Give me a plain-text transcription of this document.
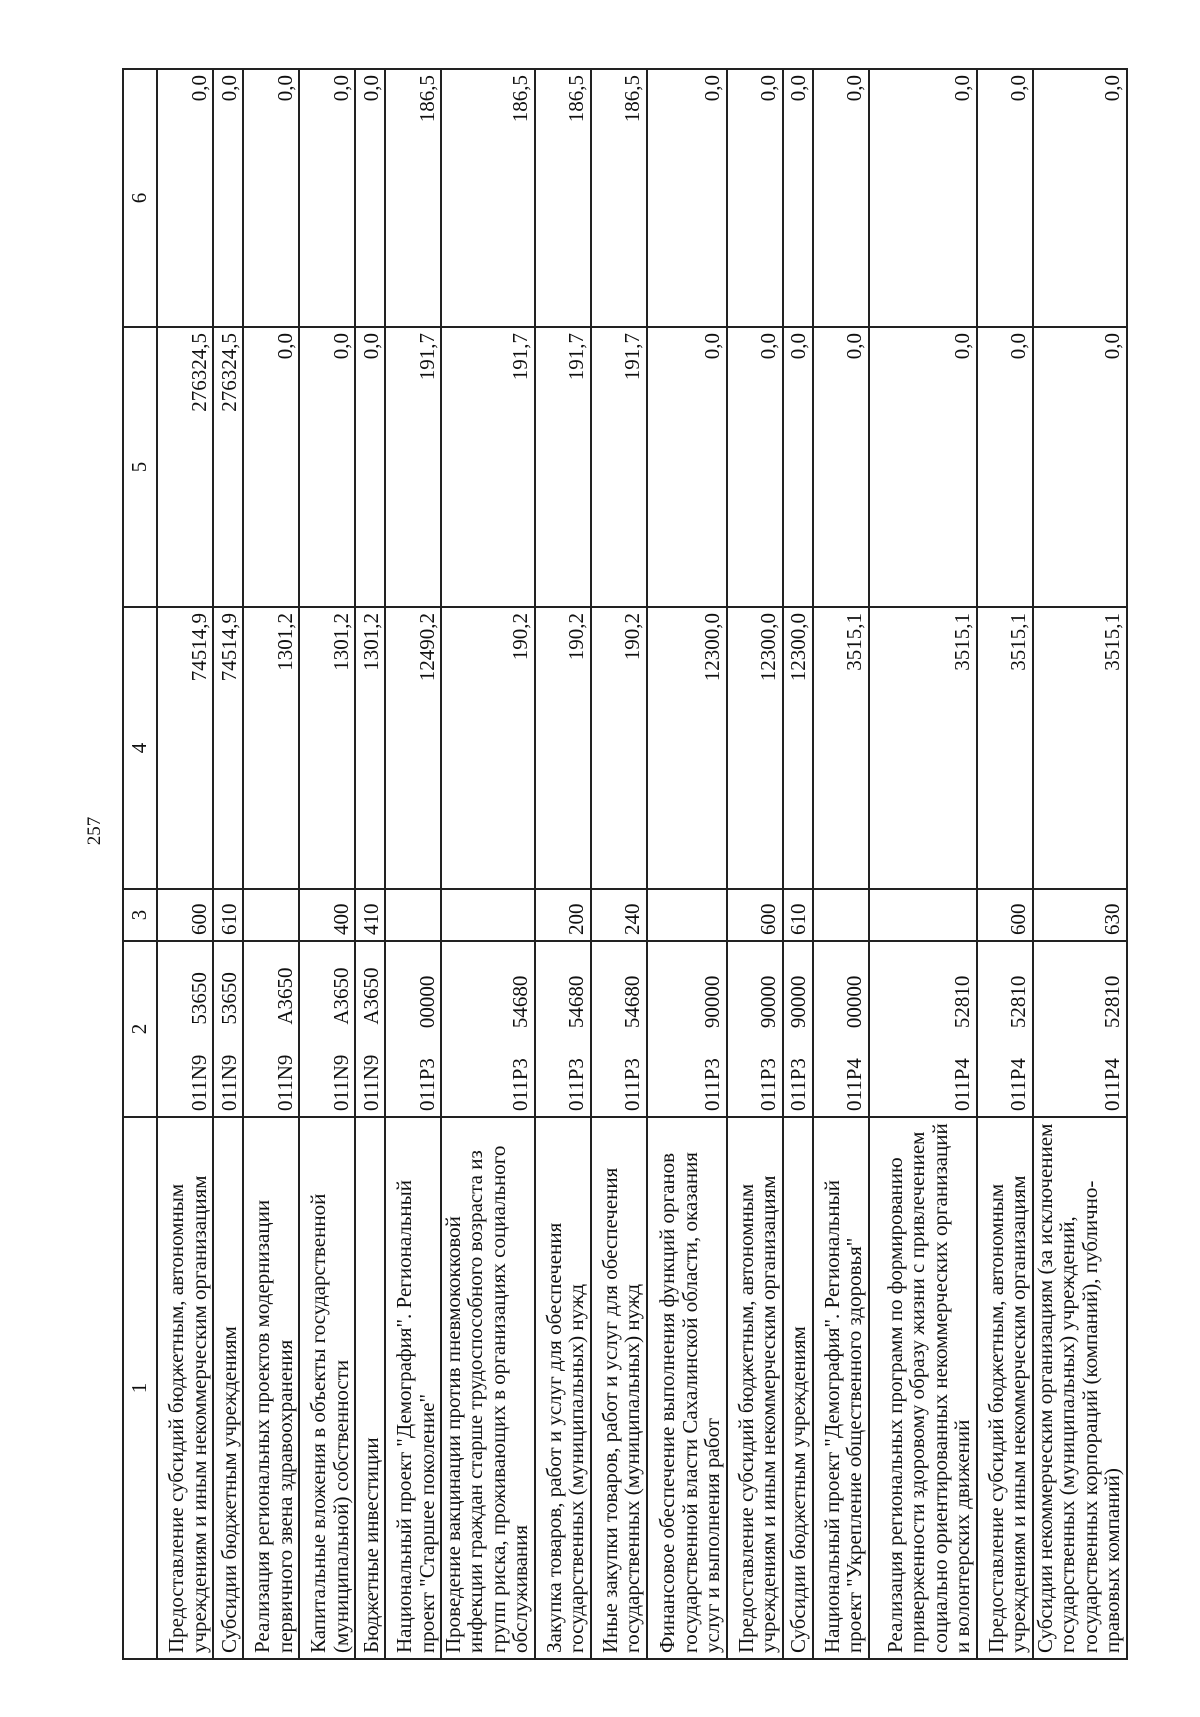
257
1	2	3	4	5	6
Предоставление субсидий бюджетным, автономным учреждениям и иным некоммерческим организациям	011N953650	600	74514,9	276324,5	0,0
Субсидии бюджетным учреждениям	011N953650	610	74514,9	276324,5	0,0
Реализация региональных проектов модернизации первичного звена здравоохранения	011N9A3650		1301,2	0,0	0,0
Капитальные вложения в объекты государственной (муниципальной) собственности	011N9A3650	400	1301,2	0,0	0,0
Бюджетные инвестиции	011N9A3650	410	1301,2	0,0	0,0
Национальный проект "Демография". Региональный проект "Старшее поколение"	011P300000		12490,2	191,7	186,5
Проведение вакцинации против пневмококковой инфекции граждан старше трудоспособного возраста из групп риска, проживающих в организациях социального обслуживания	011P354680		190,2	191,7	186,5
Закупка товаров, работ и услуг для обеспечения государственных (муниципальных) нужд	011P354680	200	190,2	191,7	186,5
Иные закупки товаров, работ и услуг для обеспечения государственных (муниципальных) нужд	011P354680	240	190,2	191,7	186,5
Финансовое обеспечение выполнения функций органов государственной власти Сахалинской области, оказания услуг и выполнения работ	011P390000		12300,0	0,0	0,0
Предоставление субсидий бюджетным, автономным учреждениям и иным некоммерческим организациям	011P390000	600	12300,0	0,0	0,0
Субсидии бюджетным учреждениям	011P390000	610	12300,0	0,0	0,0
Национальный проект "Демография". Региональный проект "Укрепление общественного здоровья"	011P400000		3515,1	0,0	0,0
Реализация региональных программ по формированию приверженности здоровому образу жизни с привлечением социально ориентированных некоммерческих организаций и волонтерских движений	011P452810		3515,1	0,0	0,0
Предоставление субсидий бюджетным, автономным учреждениям и иным некоммерческим организациям	011P452810	600	3515,1	0,0	0,0
Субсидии некоммерческим организациям (за исключением государственных (муниципальных) учреждений, государственных корпораций (компаний), публично-правовых компаний)	011P452810	630	3515,1	0,0	0,0
